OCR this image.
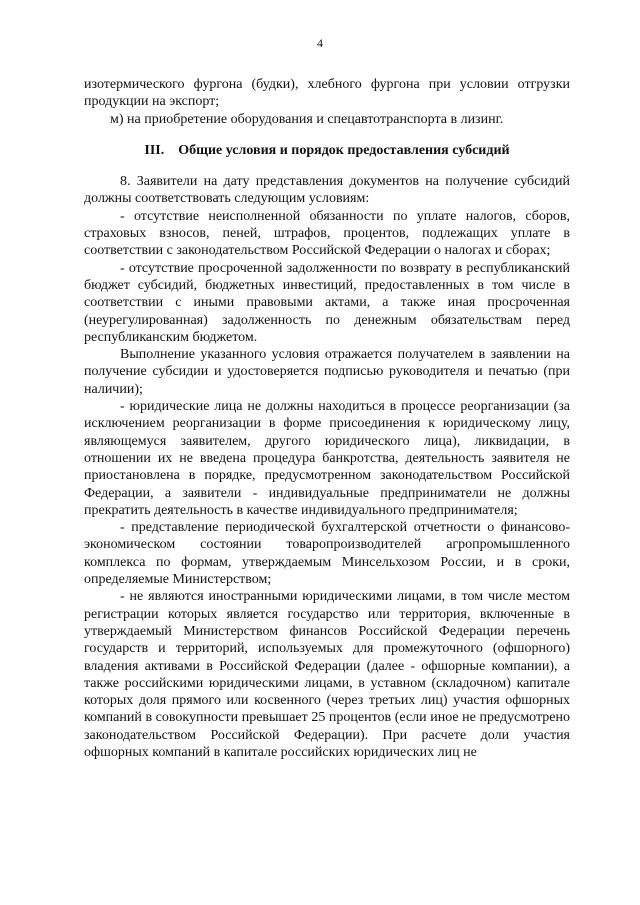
4

изотермического фургона (будки), хлебного фургона при условии отгрузки продукции на экспорт;

м) на приобретение оборудования и спецавтотранспорта в лизинг.

III. Общие условия и порядок предоставления субсидий

8. Заявители на дату представления документов на получение субсидий должны соответствовать следующим условиям:

- отсутствие неисполненной обязанности по уплате налогов, сборов, страховых взносов, пеней, штрафов, процентов, подлежащих уплате в соответствии с законодательством Российской Федерации о налогах и сборах;

- отсутствие просроченной задолженности по возврату в республиканский бюджет субсидий, бюджетных инвестиций, предоставленных в том числе в соответствии с иными правовыми актами, а также иная просроченная (неурегулированная) задолженность по денежным обязательствам перед республиканским бюджетом.

Выполнение указанного условия отражается получателем в заявлении на получение субсидии и удостоверяется подписью руководителя и печатью (при наличии);

- юридические лица не должны находиться в процессе реорганизации (за исключением реорганизации в форме присоединения к юридическому лицу, являющемуся заявителем, другого юридического лица), ликвидации, в отношении их не введена процедура банкротства, деятельность заявителя не приостановлена в порядке, предусмотренном законодательством Российской Федерации, а заявители - индивидуальные предприниматели не должны прекратить деятельность в качестве индивидуального предпринимателя;

- представление периодической бухгалтерской отчетности о финансово-экономическом состоянии товаропроизводителей агропромышленного комплекса по формам, утверждаемым Минсельхозом России, и в сроки, определяемые Министерством;

- не являются иностранными юридическими лицами, в том числе местом регистрации которых является государство или территория, включенные в утверждаемый Министерством финансов Российской Федерации перечень государств и территорий, используемых для промежуточного (офшорного) владения активами в Российской Федерации (далее - офшорные компании), а также российскими юридическими лицами, в уставном (складочном) капитале которых доля прямого или косвенного (через третьих лиц) участия офшорных компаний в совокупности превышает 25 процентов (если иное не предусмотрено законодательством Российской Федерации). При расчете доли участия офшорных компаний в капитале российских юридических лиц не
